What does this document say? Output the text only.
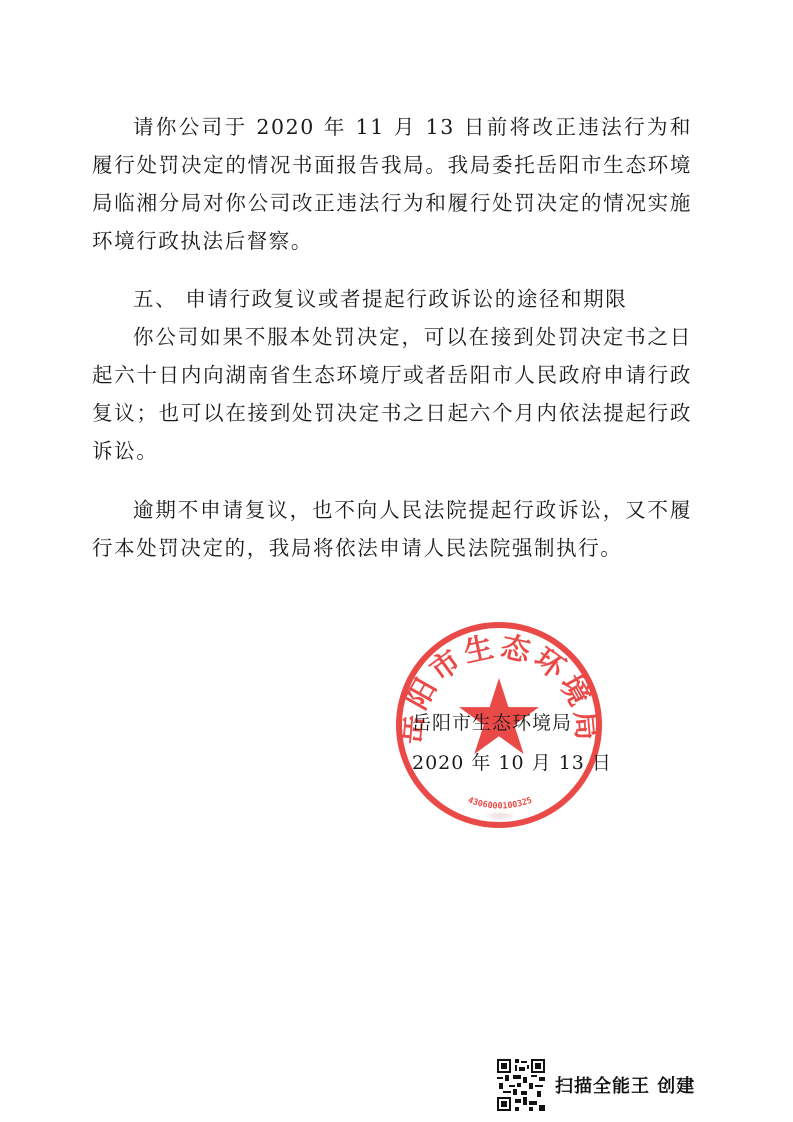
请你公司于 2020 年 11 月 13 日前将改正违法行为和履行处罚决定的情况书面报告我局。我局委托岳阳市生态环境局临湘分局对你公司改正违法行为和履行处罚决定的情况实施环境行政执法后督察。

五、 申请行政复议或者提起行政诉讼的途径和期限

你公司如果不服本处罚决定，可以在接到处罚决定书之日起六十日内向湖南省生态环境厅或者岳阳市人民政府申请行政复议；也可以在接到处罚决定书之日起六个月内依法提起行政诉讼。

逾期不申请复议，也不向人民法院提起行政诉讼，又不履行本处罚决定的，我局将依法申请人民法院强制执行。

岳阳市生态环境局
4306000100325
岳阳市生态环境局
2020 年 10 月 13 日
扫描全能王 创建
